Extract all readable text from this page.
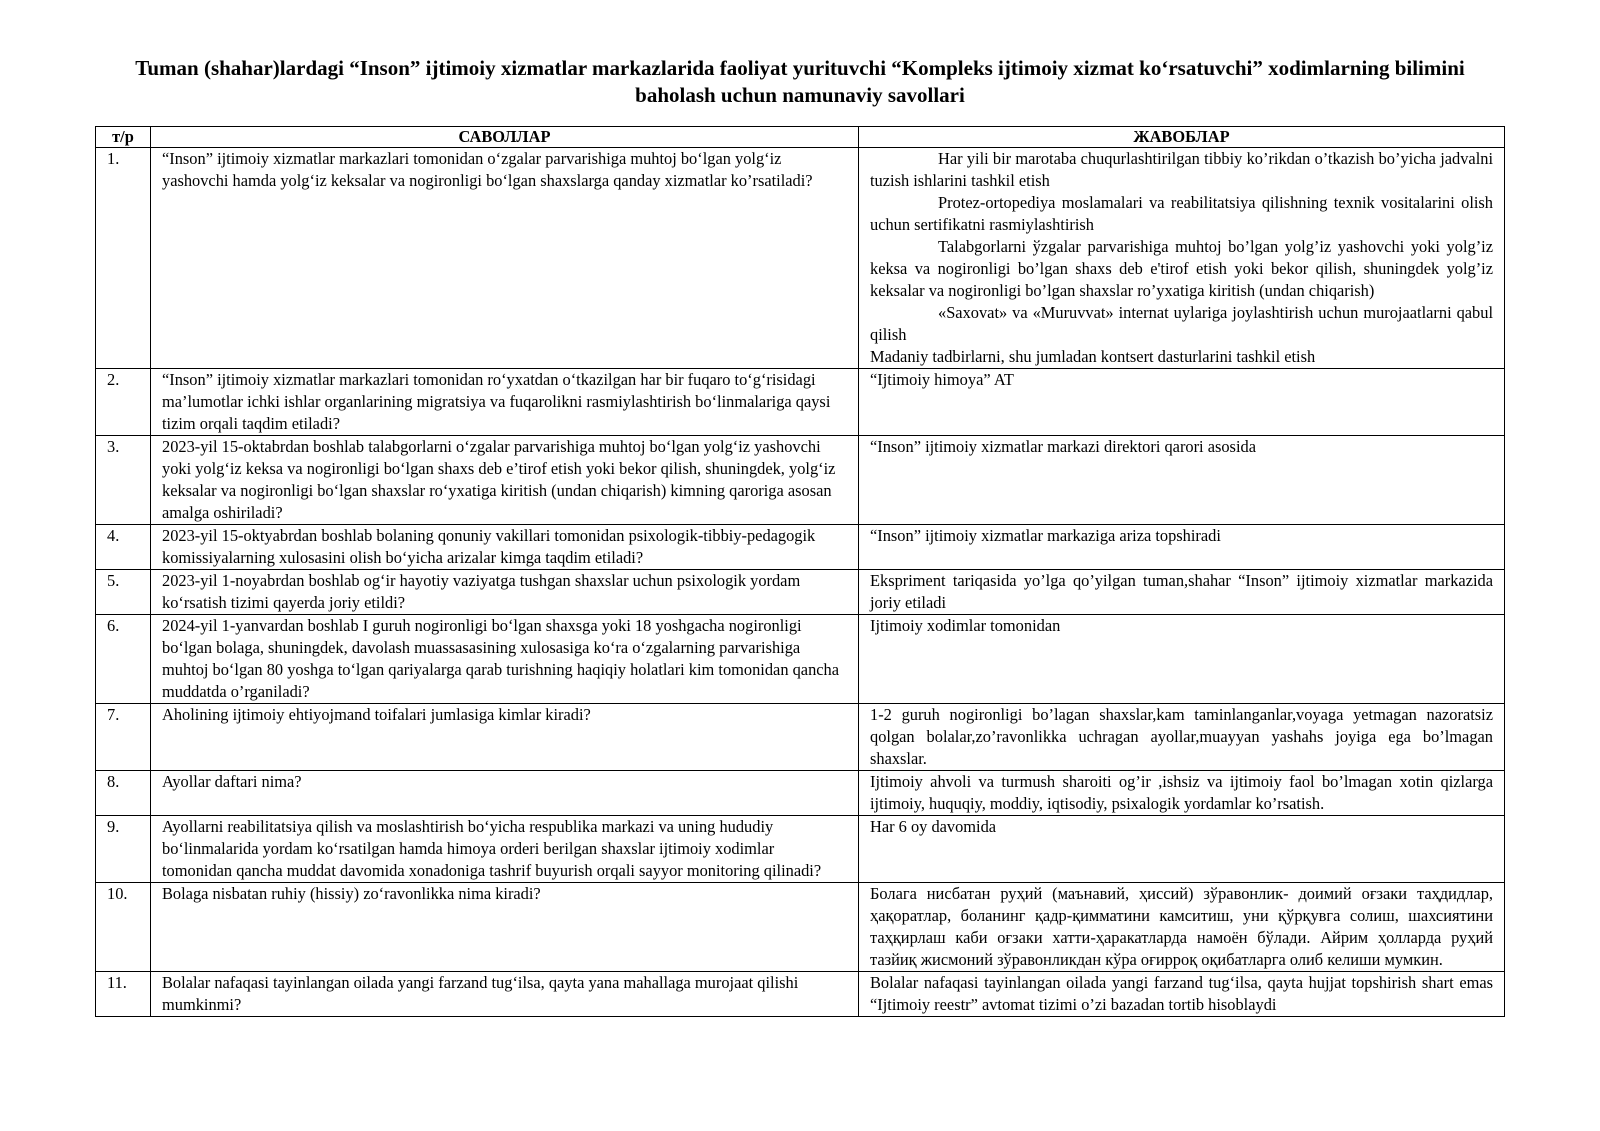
Tuman (shahar)lardagi “Inson” ijtimoiy xizmatlar markazlarida faoliyat yurituvchi “Kompleks ijtimoiy xizmat ko‘rsatuvchi” xodimlarning bilimini baholash uchun namunaviy savollari
т/р	САВОЛЛАР	ЖАВОБЛАР
1.	“Inson” ijtimoiy xizmatlar markazlari tomonidan o‘zgalar parvarishiga muhtoj bo‘lgan yolg‘iz yashovchi hamda yolg‘iz keksalar va nogironligi bo‘lgan shaxslarga qanday xizmatlar ko’rsatiladi?	Har yili bir marotaba chuqurlashtirilgan tibbiy ko’rikdan o’tkazish bo’yicha jadvalni tuzish ishlarini tashkil etish

Protez-ortopediya moslamalari va reabilitatsiya qilishning texnik vositalarini olish uchun sertifikatni rasmiylashtirish

Talabgorlarni ўzgalar parvarishiga muhtoj bo’lgan yolg’iz yashovchi yoki yolg’iz keksa va nogironligi bo’lgan shaxs deb e'tirof etish yoki bekor qilish, shuningdek yolg’iz keksalar va nogironligi bo’lgan shaxslar ro’yxatiga kiritish (undan chiqarish)

«Saxovat» va «Muruvvat» internat uylariga joylashtirish uchun murojaatlarni qabul qilish

Madaniy tadbirlarni, shu jumladan kontsert dasturlarini tashkil etish

2.	“Inson” ijtimoiy xizmatlar markazlari tomonidan ro‘yxatdan o‘tkazilgan har bir fuqaro to‘g‘risidagi ma’lumotlar ichki ishlar organlarining migratsiya va fuqarolikni rasmiylashtirish bo‘linmalariga qaysi tizim orqali taqdim etiladi?	“Ijtimoiy himoya” AT
3.	2023-yil 15-oktabrdan boshlab talabgorlarni o‘zgalar parvarishiga muhtoj bo‘lgan yolg‘iz yashovchi yoki yolg‘iz keksa va nogironligi bo‘lgan shaxs deb e’tirof etish yoki bekor qilish, shuningdek, yolg‘iz keksalar va nogironligi bo‘lgan shaxslar ro‘yxatiga kiritish (undan chiqarish) kimning qaroriga asosan amalga oshiriladi?	“Inson” ijtimoiy xizmatlar markazi direktori qarori asosida
4.	2023-yil 15-oktyabrdan boshlab bolaning qonuniy vakillari tomonidan psixologik-tibbiy-pedagogik komissiyalarning xulosasini olish bo‘yicha arizalar kimga taqdim etiladi?	“Inson” ijtimoiy xizmatlar markaziga ariza topshiradi
5.	2023-yil 1-noyabrdan boshlab og‘ir hayotiy vaziyatga tushgan shaxslar uchun psixologik yordam ko‘rsatish tizimi qayerda joriy etildi?	Ekspriment tariqasida yo’lga qo’yilgan tuman,shahar “Inson” ijtimoiy xizmatlar markazida joriy etiladi
6.	2024-yil 1-yanvardan boshlab I guruh nogironligi bo‘lgan shaxsga yoki 18 yoshgacha nogironligi bo‘lgan bolaga, shuningdek, davolash muassasasining xulosasiga ko‘ra o‘zgalarning parvarishiga muhtoj bo‘lgan 80 yoshga to‘lgan qariyalarga qarab turishning haqiqiy holatlari kim tomonidan qancha muddatda o’rganiladi?	Ijtimoiy xodimlar tomonidan
7.	Aholining ijtimoiy ehtiyojmand toifalari jumlasiga kimlar kiradi?	1-2 guruh nogironligi bo’lagan shaxslar,kam taminlanganlar,voyaga yetmagan nazoratsiz qolgan bolalar,zo’ravonlikka uchragan ayollar,muayyan yashahs joyiga ega bo’lmagan shaxslar.
8.	Ayollar daftari nima?	Ijtimoiy ahvoli va turmush sharoiti og’ir ,ishsiz va ijtimoiy faol bo’lmagan xotin qizlarga ijtimoiy, huquqiy, moddiy, iqtisodiy, psixalogik yordamlar ko’rsatish.
9.	Ayollarni reabilitatsiya qilish va moslashtirish bo‘yicha respublika markazi va uning hududiy bo‘linmalarida yordam ko‘rsatilgan hamda himoya orderi berilgan shaxslar ijtimoiy xodimlar tomonidan qancha muddat davomida xonadoniga tashrif buyurish orqali sayyor monitoring qilinadi?	Har 6 oy davomida
10.	Bolaga nisbatan ruhiy (hissiy) zo‘ravonlikka nima kiradi?	Болага нисбатан руҳий (маънавий, ҳиссий) зўравонлик- доимий оғзаки таҳдидлар, ҳақоратлар, боланинг қадр-қимматини камситиш, уни қўрқувга солиш, шахсиятини таҳқирлаш каби оғзаки хатти-ҳаракатларда намоён бўлади. Айрим ҳолларда руҳий тазйиқ жисмоний зўравонликдан кўра оғирроқ оқибатларга олиб келиши мумкин.
11.	Bolalar nafaqasi tayinlangan oilada yangi farzand tug‘ilsa, qayta yana mahallaga murojaat qilishi mumkinmi?	Bolalar nafaqasi tayinlangan oilada yangi farzand tug‘ilsa, qayta hujjat topshirish shart emas “Ijtimoiy reestr” avtomat tizimi o’zi bazadan tortib hisoblaydi
